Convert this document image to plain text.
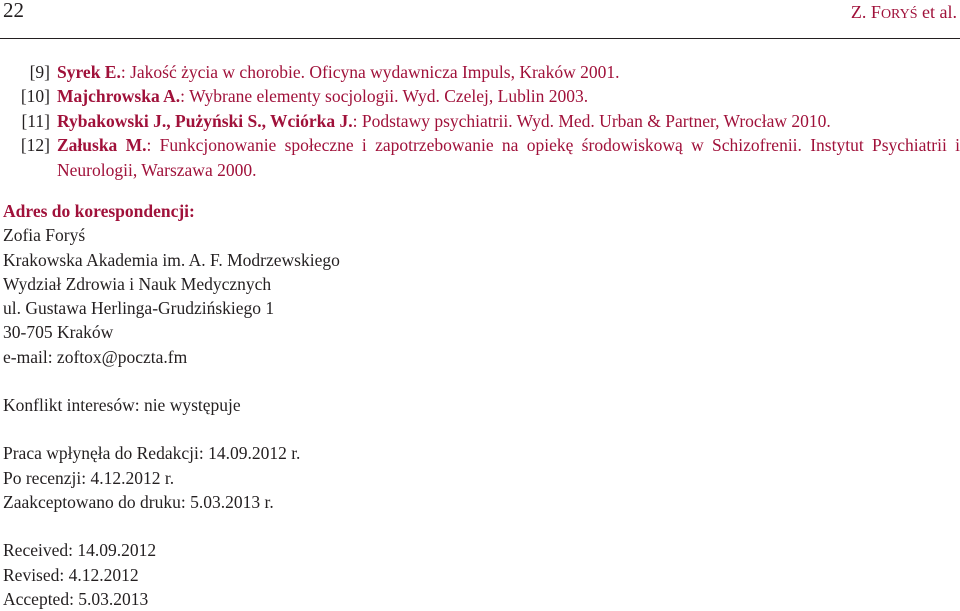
22	Z. FORYŚ et al.
[9] Syrek E.: Jakość życia w chorobie. Oficyna wydawnicza Impuls, Kraków 2001.
[10] Majchrowska A.: Wybrane elementy socjologii. Wyd. Czelej, Lublin 2003.
[11] Rybakowski J., Pużyński S., Wciórka J.: Podstawy psychiatrii. Wyd. Med. Urban & Partner, Wrocław 2010.
[12] Załuska M.: Funkcjonowanie społeczne i zapotrzebowanie na opiekę środowiskową w Schizofrenii. Instytut Psychiatrii i Neurologii, Warszawa 2000.
Adres do korespondencji:
Zofia Foryś
Krakowska Akademia im. A. F. Modrzewskiego
Wydział Zdrowia i Nauk Medycznych
ul. Gustawa Herlinga-Grudzińskiego 1
30-705 Kraków
e-mail: zoftox@poczta.fm
Konflikt interesów: nie występuje
Praca wpłynęła do Redakcji: 14.09.2012 r.
Po recenzji: 4.12.2012 r.
Zaakceptowano do druku: 5.03.2013 r.
Received: 14.09.2012
Revised: 4.12.2012
Accepted: 5.03.2013
